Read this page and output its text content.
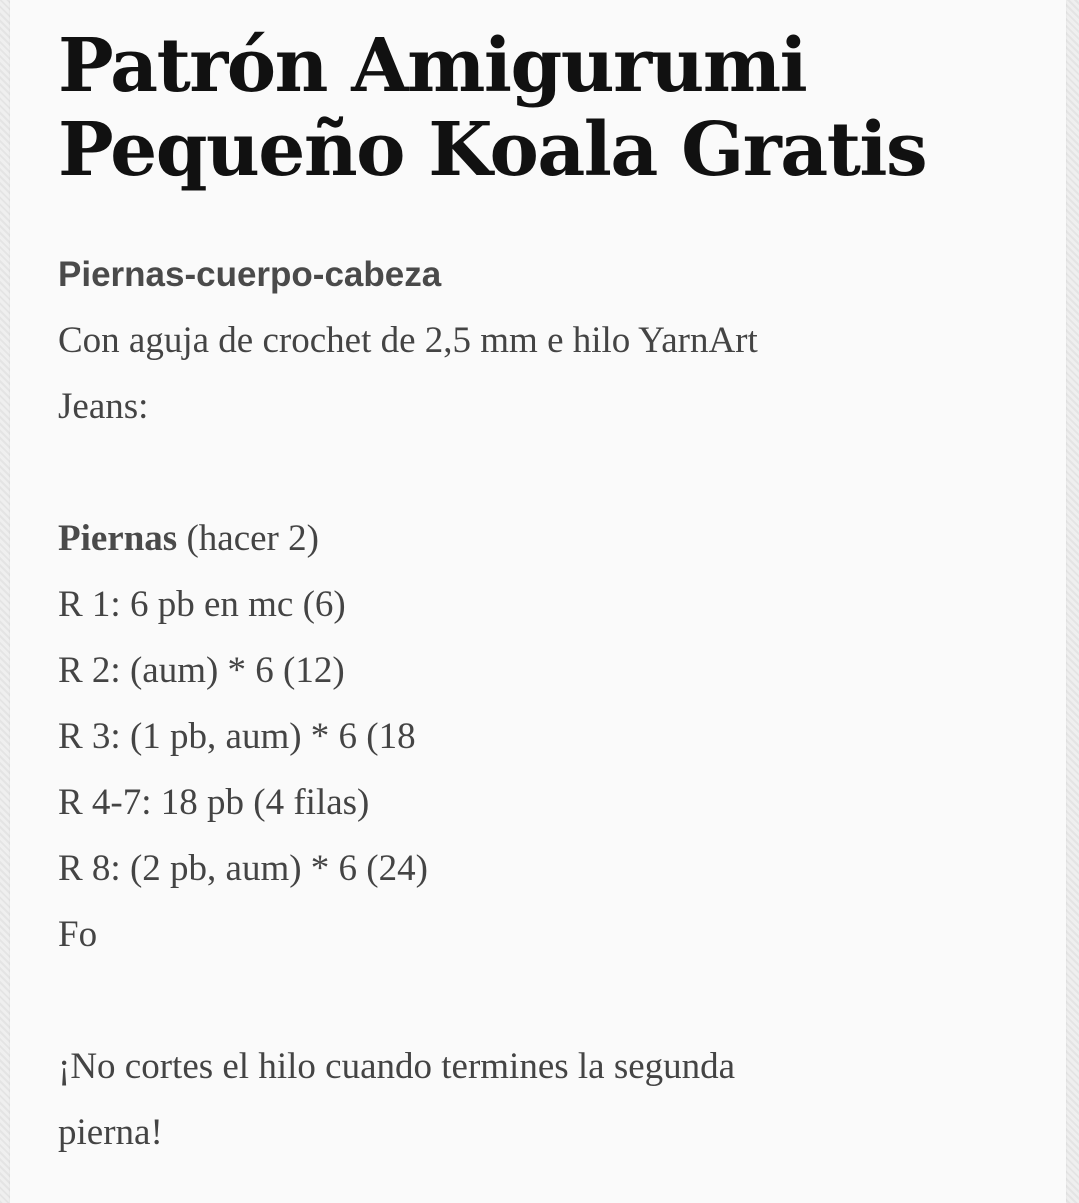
Patrón Amigurumi
Pequeño Koala Gratis
Piernas-cuerpo-cabeza
Con aguja de crochet de 2,5 mm e hilo YarnArt
Jeans:
Piernas (hacer 2)
R 1: 6 pb en mc (6)
R 2: (aum) * 6 (12)
R 3: (1 pb, aum) * 6 (18
R 4-7: 18 pb (4 filas)
R 8: (2 pb, aum) * 6 (24)
Fo
¡No cortes el hilo cuando termines la segunda
pierna!
